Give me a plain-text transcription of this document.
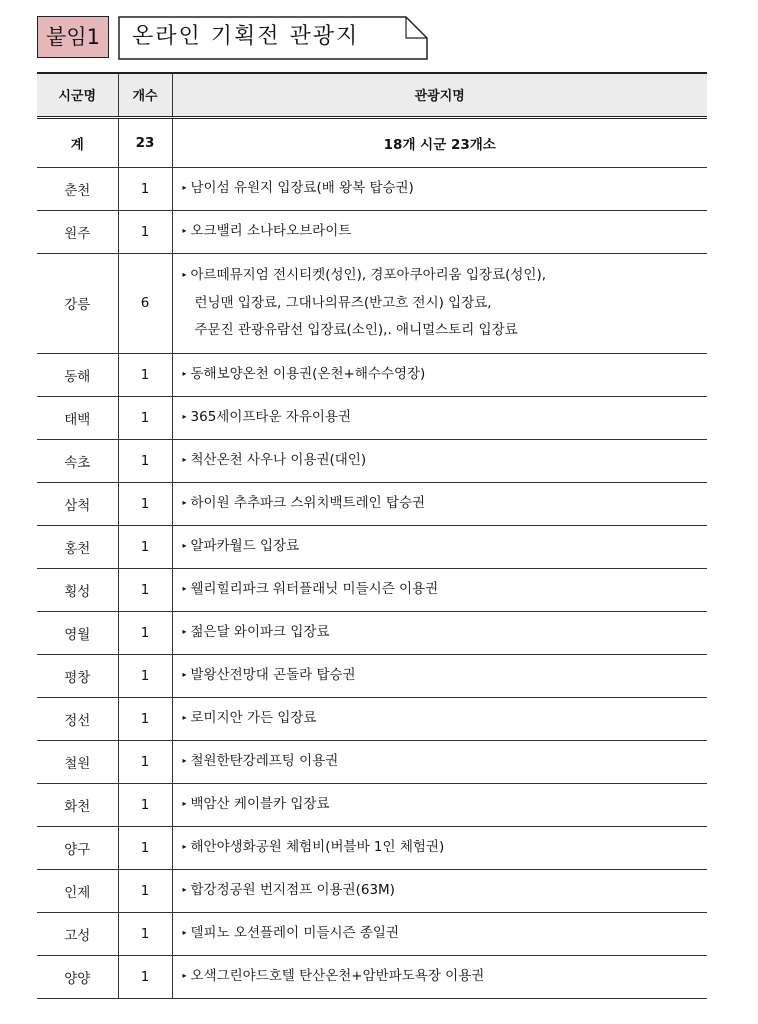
붙임1	온라인 기획전 관광지
시군명	개수	관광지명
계	23	18개 시군 23개소
춘천	1	▸ 남이섬 유원지 입장료(배 왕복 탑승권)

원주	1	▸ 오크밸리 소나타오브라이트

강릉	6	▸ 아르떼뮤지엄 전시티켓(성인), 경포아쿠아리움 입장료(성인),
런닝맨 입장료, 그대나의뮤즈(반고흐 전시) 입장료,
주문진 관광유람선 입장료(소인),. 애니멀스토리 입장료

동해	1	▸ 동해보양온천 이용권(온천+해수수영장)

태백	1	▸ 365세이프타운 자유이용권

속초	1	▸ 척산온천 사우나 이용권(대인)

삼척	1	▸ 하이원 추추파크 스위치백트레인 탑승권

홍천	1	▸ 알파카월드 입장료

횡성	1	▸ 웰리힐리파크 워터플래닛 미들시즌 이용권

영월	1	▸ 젊은달 와이파크 입장료

평창	1	▸ 발왕산전망대 곤돌라 탑승권

정선	1	▸ 로미지안 가든 입장료

철원	1	▸ 철원한탄강레프팅 이용권

화천	1	▸ 백암산 케이블카 입장료

양구	1	▸ 해안야생화공원 체험비(버블바 1인 체험권)

인제	1	▸ 합강정공원 번지점프 이용권(63M)

고성	1	▸ 델피노 오션플레이 미들시즌 종일권

양양	1	▸ 오색그린야드호텔 탄산온천+암반파도욕장 이용권
